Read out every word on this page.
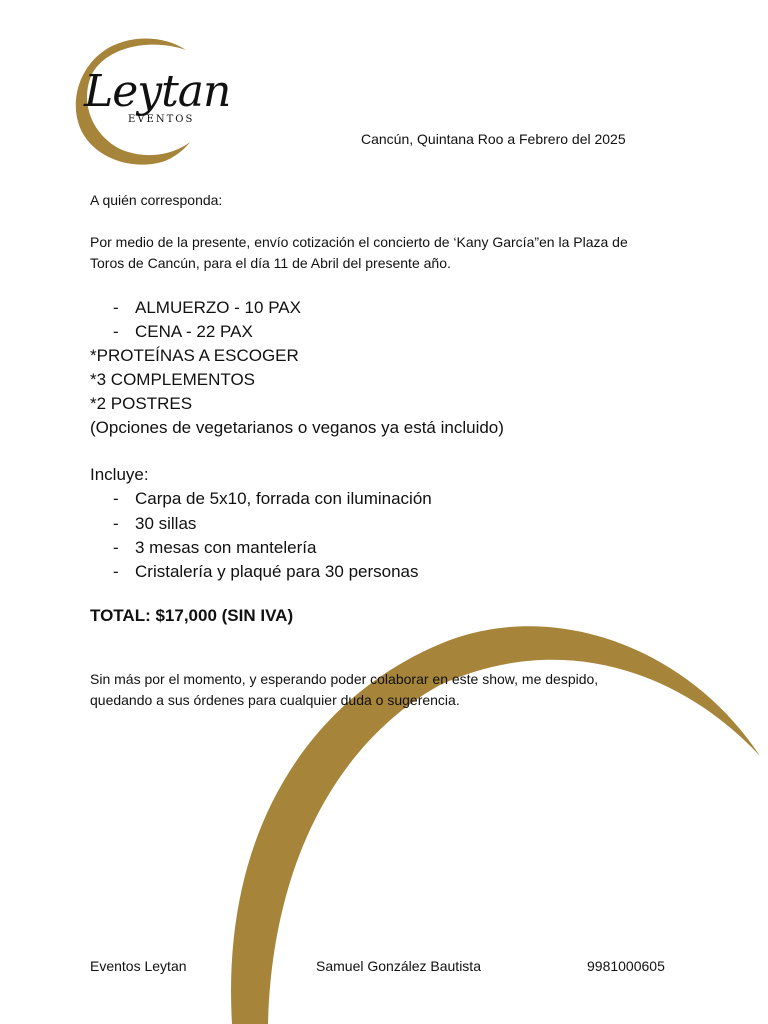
Leytan
EVENTOS

Cancún, Quintana Roo a Febrero del 2025

A quién corresponda:

Por medio de la presente, envío cotización el concierto de ‘Kany García”en la Plaza de

Toros de Cancún, para el día 11 de Abril del presente año.

- ALMUERZO - 10 PAX
- CENA - 22 PAX

*PROTEÍNAS A ESCOGER

*3 COMPLEMENTOS

*2 POSTRES

(Opciones de vegetarianos o veganos ya está incluido)

Incluye:

- Carpa de 5x10, forrada con iluminación
- 30 sillas
- 3 mesas con mantelería
- Cristalería y plaqué para 30 personas

TOTAL: $17,000 (SIN IVA)

Sin más por el momento, y esperando poder colaborar en este show, me despido,

quedando a sus órdenes para cualquier duda o sugerencia.

Eventos Leytan	Samuel González Bautista	9981000605
